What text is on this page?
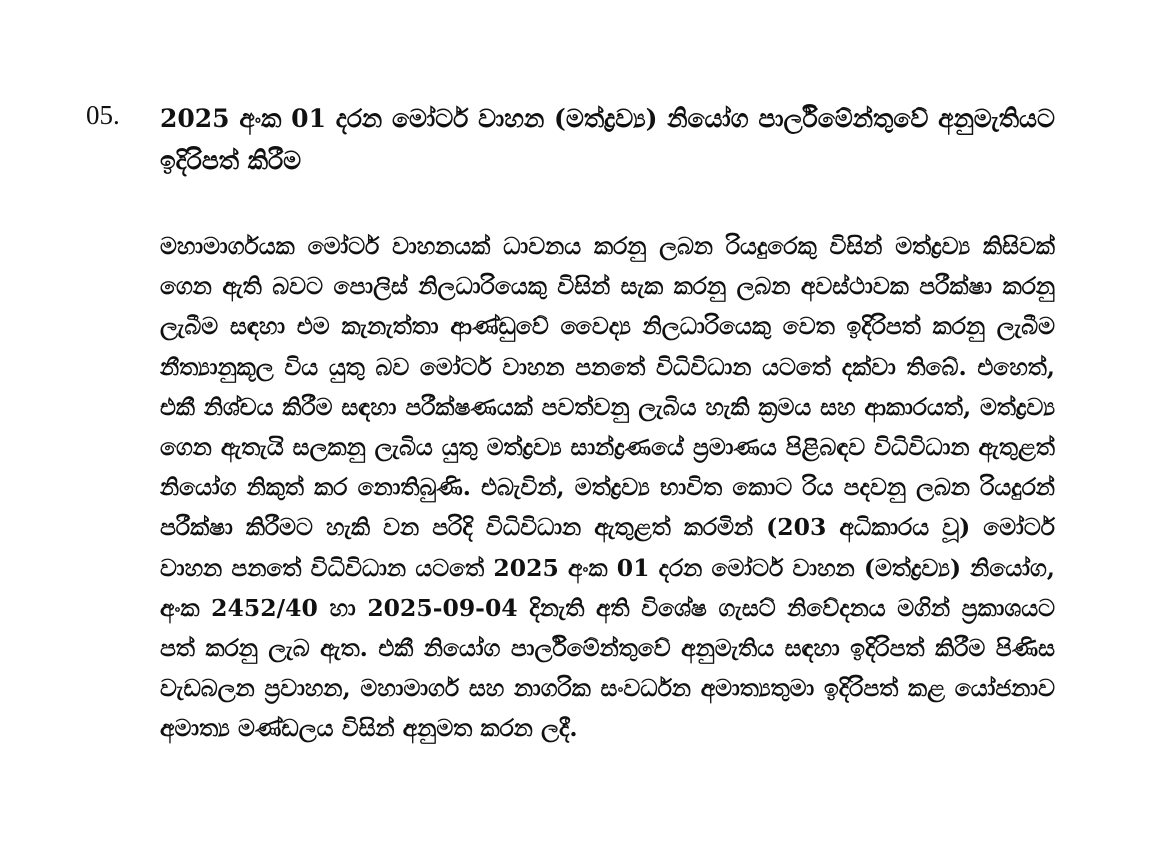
05. 2025 අංක 01 දරන මෝටර් වාහන (මත්ද්‍රව්‍ය) නියෝග පාර්ලිමේන්තුවේ අනුමැතියට ඉදිරිපත් කිරීම
මහාමාර්ගයක මෝටර් වාහනයක් ධාවනය කරනු ලබන රියදුරෙකු විසින් මත්ද්‍රව්‍ය කිසිවක් ගෙන ඇති බවට පොලිස් නිලධාරියෙකු විසින් සැක කරනු ලබන අවස්ථාවක පරීක්ෂා කරනු ලැබීම සඳහා එම කැනැත්තා ආණ්ඩුවේ වෛද්‍ය නිලධාරියෙකු වෙත ඉදිරිපත් කරනු ලැබීම නීත්‍යානුකූල විය යුතු බව මෝටර් වාහන පනතේ විධිවිධාන යටතේ දක්වා තිබේ. එහෙත්, එකී නිශ්චය කිරීම සඳහා පරීක්ෂණයක් පවත්වනු ලැබිය හැකි ක්‍රමය සහ ආකාරයත්, මත්ද්‍රව්‍ය ගෙන ඇතැයි සලකනු ලැබිය යුතු මත්ද්‍රව්‍ය සාන්ද්‍රණයේ ප්‍රමාණය පිළිබඳව විධිවිධාන ඇතුළත් නියෝග නිකුත් කර නොතිබුණි. එබැවින්, මත්ද්‍රව්‍ය භාවිත කොට රිය පදවනු ලබන රියදුරන් පරීක්ෂා කිරීමට හැකි වන පරිදි විධිවිධාන ඇතුළත් කරමින් (203 අධිකාරය වූ) මෝටර් වාහන පනතේ විධිවිධාන යටතේ 2025 අංක 01 දරන මෝටර් වාහන (මත්ද්‍රව්‍ය) නියෝග, අංක 2452/40 හා 2025-09-04 දිනැති අති විශේෂ ගැසට් නිවේදනය මගින් ප්‍රකාශයට පත් කරනු ලැබ ඇත. එකී නියෝග පාර්ලිමේන්තුවේ අනුමැතිය සඳහා ඉදිරිපත් කිරීම පිණිස වැඩබලන ප්‍රවාහන, මහාමාර්ග සහ නාගරික සංවර්ධන අමාත්‍යතුමා ඉදිරිපත් කළ යෝජනාව අමාත්‍ය මණ්ඩලය විසින් අනුමත කරන ලදී.
